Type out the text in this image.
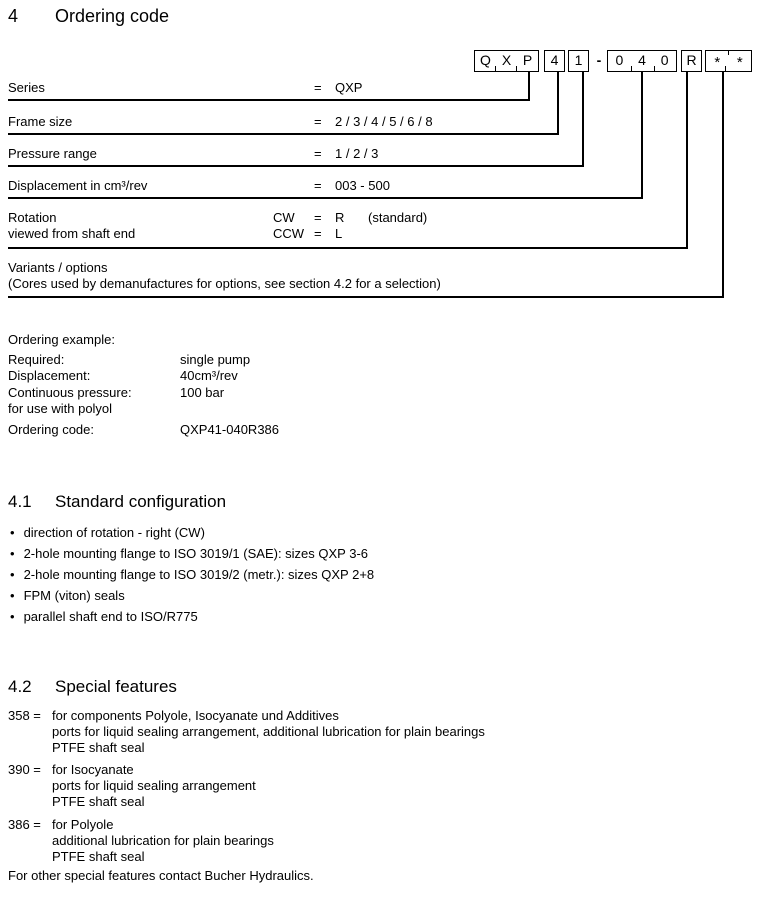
4 Ordering code
Q X P	4	1	-	0	4	0	R	*	*
Series	= QXP
Frame size	= 2 / 3 / 4 / 5 / 6 / 8
Pressure range	= 1 / 2 / 3
Displacement in cm³/rev	= 003 - 500
Rotation
viewed from shaft end
CW = R (standard)
CCW = L
Variants / options
(Cores used by demanufactures for options, see section 4.2 for a selection)
Ordering example:
Required:	single pump
Displacement:	40cm³/rev
Continuous pressure:	100 bar
for use with polyol
Ordering code:	QXP41-040R386
4.1 Standard configuration
• direction of rotation - right (CW)
• 2-hole mounting flange to ISO 3019/1 (SAE): sizes QXP 3-6
• 2-hole mounting flange to ISO 3019/2 (metr.): sizes QXP 2+8
• FPM (viton) seals
• parallel shaft end to ISO/R775
4.2 Special features
358 = for components Polyole, Isocyanate und Additives
ports for liquid sealing arrangement, additional lubrication for plain bearings
PTFE shaft seal
390 = for Isocyanate
ports for liquid sealing arrangement
PTFE shaft seal
386 = for Polyole
additional lubrication for plain bearings
PTFE shaft seal
For other special features contact Bucher Hydraulics.
